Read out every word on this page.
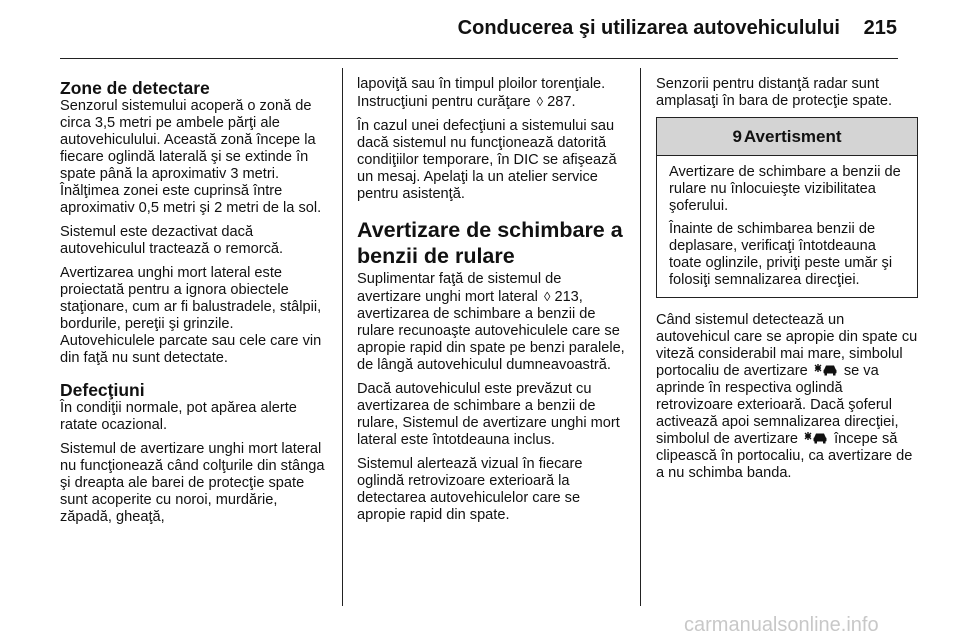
Conducerea şi utilizarea autovehiculului 215
Zone de detectare

Senzorul sistemului acoperă o zonă de circa 3,5 metri pe ambele părţi ale autovehiculului. Această zonă începe la fiecare oglindă laterală şi se extinde în spate până la aproximativ 3 metri. Înălţimea zonei este cuprinsă între aproximativ 0,5 metri şi 2 metri de la sol.

Sistemul este dezactivat dacă autovehiculul tractează o remorcă.

Avertizarea unghi mort lateral este proiectată pentru a ignora obiectele staţionare, cum ar fi balustradele, stâlpii, bordurile, pereţii şi grinzile. Autovehiculele parcate sau cele care vin din faţă nu sunt detectate.

Defecţiuni

În condiţii normale, pot apărea alerte ratate ocazional.

Sistemul de avertizare unghi mort lateral nu funcţionează când colţurile din stânga şi dreapta ale barei de protecţie spate sunt acoperite cu noroi, murdărie, zăpadă, gheaţă,

lapoviţă sau în timpul ploilor torenţiale. Instrucţiuni pentru curăţare ◊ 287.

În cazul unei defecţiuni a sistemului sau dacă sistemul nu funcţionează datorită condiţiilor temporare, în DIC se afişează un mesaj. Apelaţi la un atelier service pentru asistenţă.

Avertizare de schimbare a benzii de rulare

Suplimentar faţă de sistemul de avertizare unghi mort lateral ◊ 213, avertizarea de schimbare a benzii de rulare recunoaşte autovehiculele care se apropie rapid din spate pe benzi paralele, de lângă autovehiculul dumneavoastră.

Dacă autovehiculul este prevăzut cu avertizarea de schimbare a benzii de rulare, Sistemul de avertizare unghi mort lateral este întotdeauna inclus.

Sistemul alertează vizual în fiecare oglindă retrovizoare exterioară la detectarea autovehiculelor care se apropie rapid din spate.

Senzorii pentru distanţă radar sunt amplasaţi în bara de protecţie spate.

9 Avertisment

Avertizare de schimbare a benzii de rulare nu înlocuieşte vizibilitatea şoferului.

Înainte de schimbarea benzii de deplasare, verificaţi întotdeauna toate oglinzile, priviţi peste umăr şi folosiţi semnalizarea direcţiei.

Când sistemul detectează un autovehicul care se apropie din spate cu viteză considerabil mai mare, simbolul portocaliu de avertizare se va aprinde în respectiva oglindă retrovizoare exterioară. Dacă şoferul activează apoi semnalizarea direcţiei, simbolul de avertizare începe să clipească în portocaliu, ca avertizare de a nu schimba banda.

carmanualsonline.info
